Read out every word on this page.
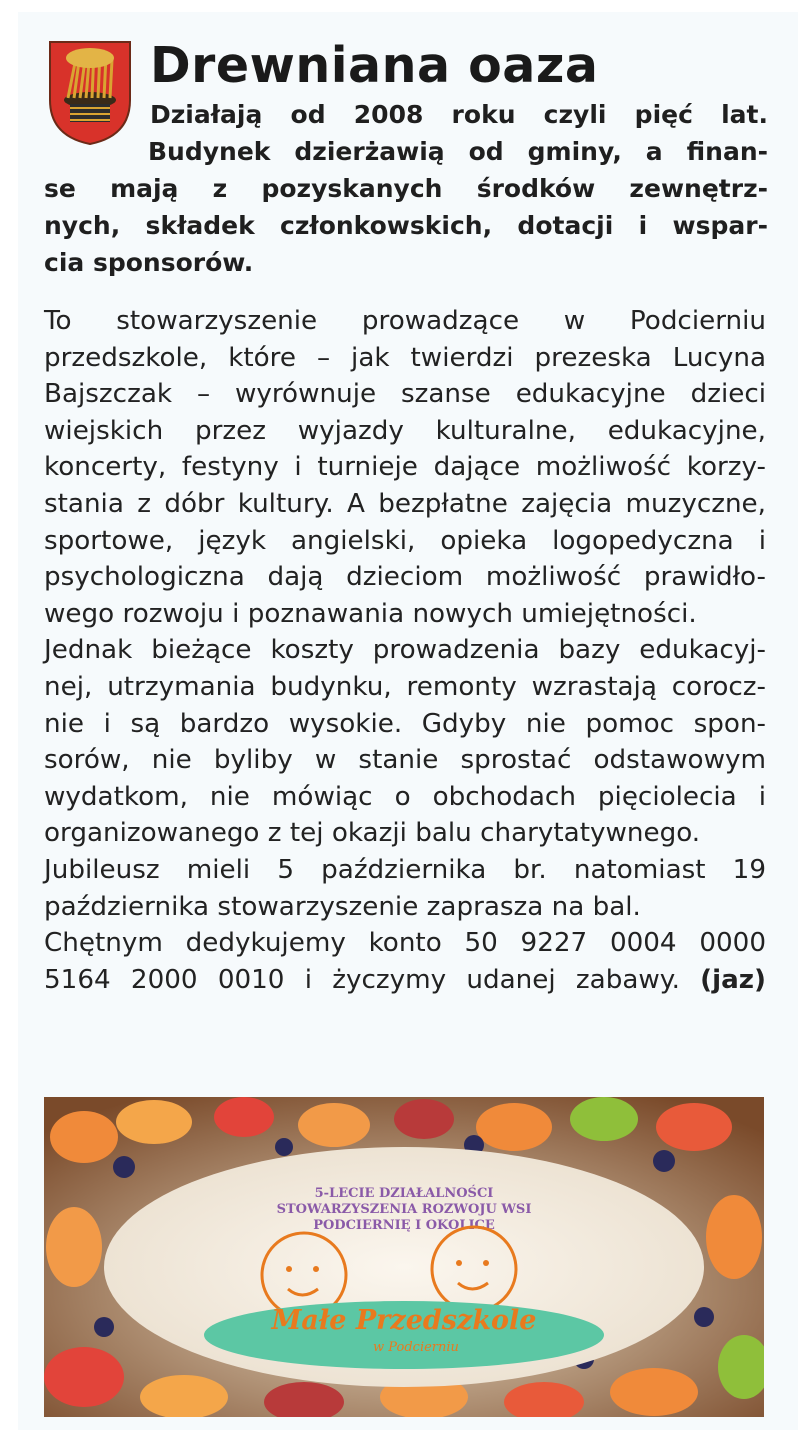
Drewniana oaza
Działają od 2008 roku czyli pięć lat.
Budynek dzierżawią od gminy, a finan-
se mają z pozyskanych środków zewnętrz-
nych, składek członkowskich, dotacji i wspar-
cia sponsorów.
To stowarzyszenie prowadzące w Podcierniu
przedszkole, które – jak twierdzi prezeska Lucyna
Bajszczak – wyrównuje szanse edukacyjne dzieci
wiejskich przez wyjazdy kulturalne, edukacyjne,
koncerty, festyny i turnieje dające możliwość korzy-
stania z dóbr kultury. A bezpłatne zajęcia muzyczne,
sportowe, język angielski, opieka logopedyczna i
psychologiczna dają dzieciom możliwość prawidło-
wego rozwoju i poznawania nowych umiejętności.
Jednak bieżące koszty prowadzenia bazy edukacyj-
nej, utrzymania budynku, remonty wzrastają corocz-
nie i są bardzo wysokie. Gdyby nie pomoc spon-
sorów, nie byliby w stanie sprostać odstawowym
wydatkom, nie mówiąc o obchodach pięciolecia i
organizowanego z tej okazji balu charytatywnego.
Jubileusz mieli 5 października br. natomiast 19
października stowarzyszenie zaprasza na bal.
Chętnym dedykujemy konto 50 9227 0004 0000
5164 2000 0010 i życzymy udanej zabawy. (jaz)
5-LECIE DZIAŁALNOŚCI
STOWARZYSZENIA ROZWOJU WSI
PODCIERNIĘ I OKOLICE
Małe Przedszkole
w Podcierniu
